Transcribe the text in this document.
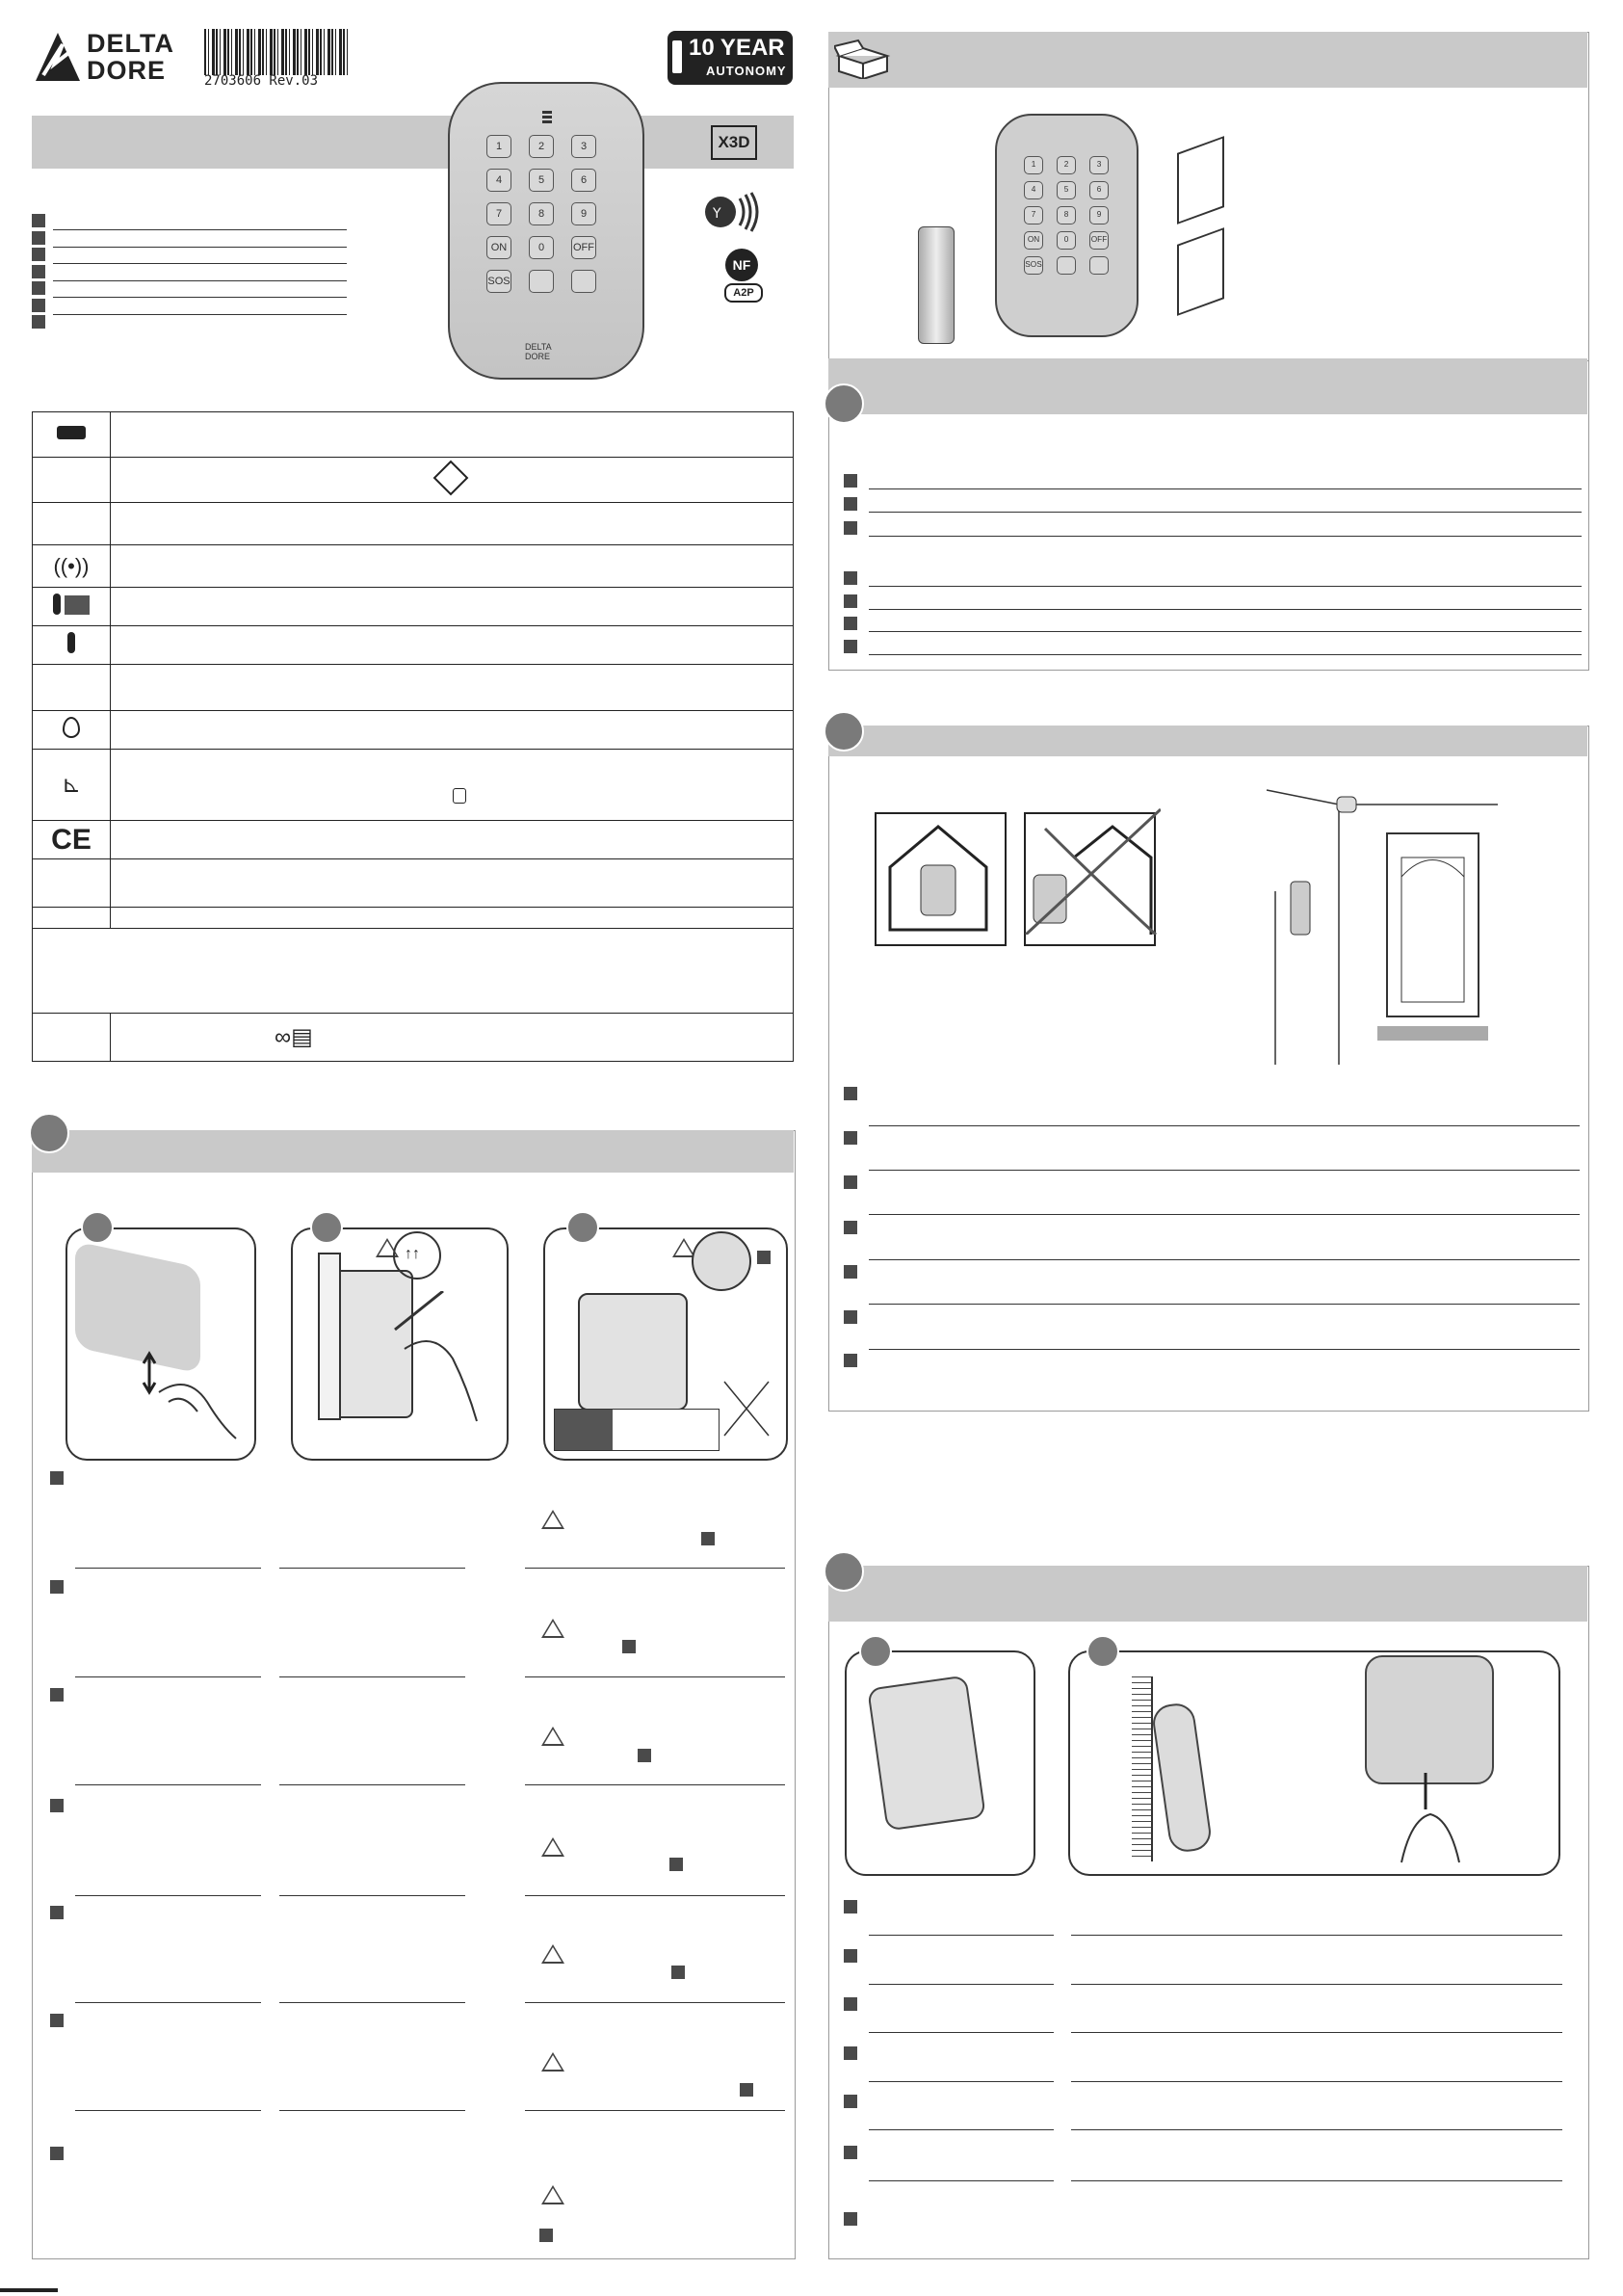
DELTA
DORE	2703606 Rev.03
10 YEAR
AUTONOMY
1	2	3
4	5	6
7	8	9
ON	0	OFF
SOS
DELTA
DORE
X3D
Y
NF
A2P

((•))	

⊾	
CE	

	∞▤
↑↑
1	2	3
4	5	6
7	8	9
ON	0	OFF
SOS
